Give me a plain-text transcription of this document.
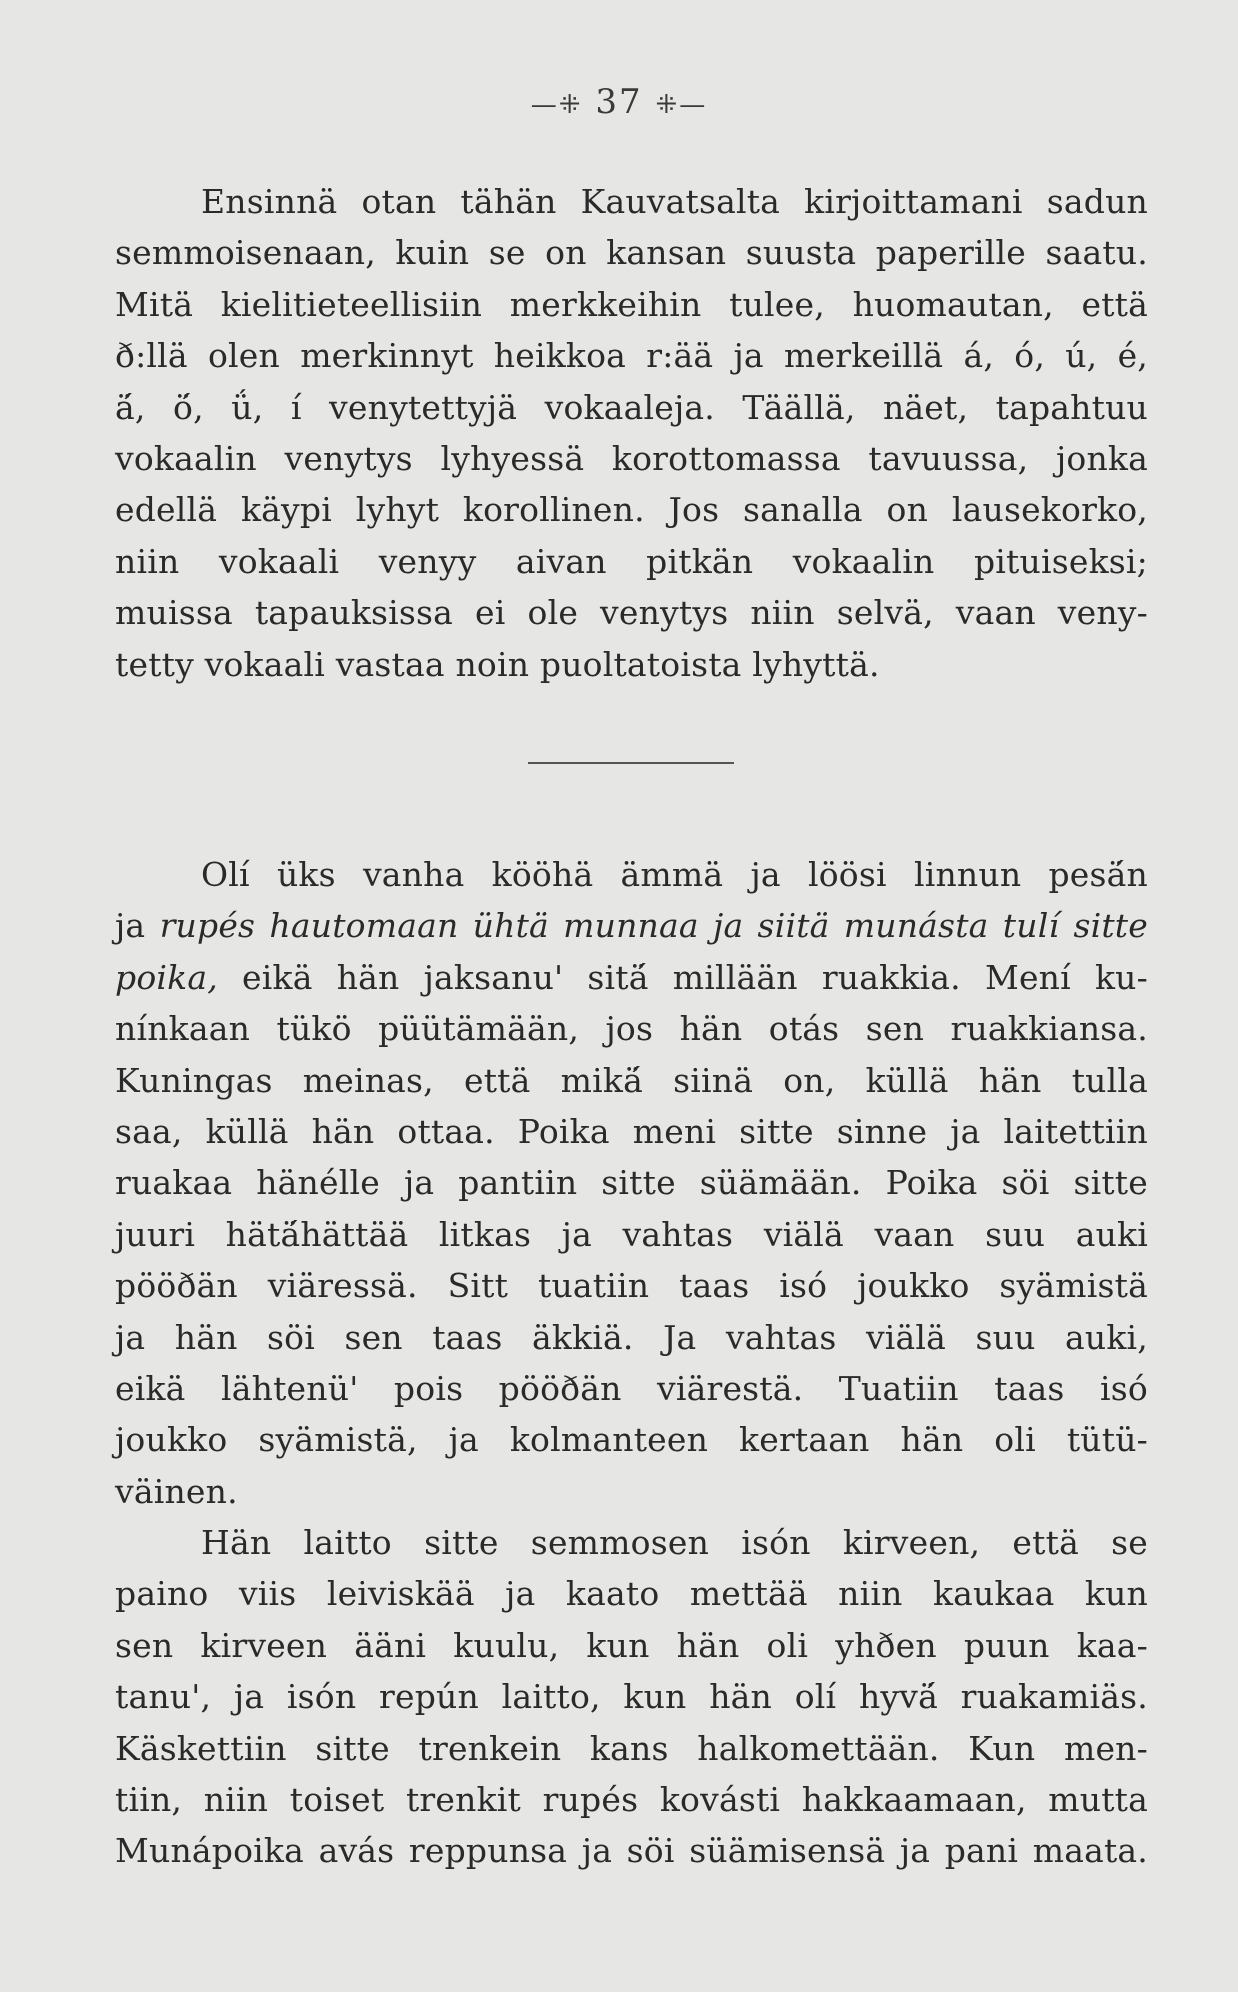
—⁜ 37 ⁜—
Ensinnä otan tähän Kauvatsalta kirjoittamani sadun
semmoisenaan, kuin se on kansan suusta paperille saatu.
Mitä kielitieteellisiin merkkeihin tulee, huomautan, että
ð:llä olen merkinnyt heikkoa r:ää ja merkeillä á, ó, ú, é,
ä́, ö́, ǘ, í venytettyjä vokaaleja. Täällä, näet, tapahtuu
vokaalin venytys lyhyessä korottomassa tavuussa, jonka
edellä käypi lyhyt korollinen. Jos sanalla on lausekorko,
niin vokaali venyy aivan pitkän vokaalin pituiseksi;
muissa tapauksissa ei ole venytys niin selvä, vaan veny-
tetty vokaali vastaa noin puoltatoista lyhyttä.
Olí üks vanha kööhä ämmä ja löösi linnun pesä́n
ja rupés hautomaan ühtä munnaa ja siitä munásta tulí sitte
poika, eikä hän jaksanu' sitä́ millään ruakkia. Mení ku-
nínkaan tükö püütämään, jos hän otás sen ruakkiansa.
Kuningas meinas, että mikä́ siinä on, küllä hän tulla
saa, küllä hän ottaa. Poika meni sitte sinne ja laitettiin
ruakaa hänélle ja pantiin sitte süämään. Poika söi sitte
juuri hätä́hättää litkas ja vahtas viälä vaan suu auki
pööðän viäressä. Sitt tuatiin taas isó joukko syämistä
ja hän söi sen taas äkkiä. Ja vahtas viälä suu auki,
eikä lähtenü' pois pööðän viärestä. Tuatiin taas isó
joukko syämistä, ja kolmanteen kertaan hän oli tütü-
väinen.
Hän laitto sitte semmosen isón kirveen, että se
paino viis leiviskää ja kaato mettää niin kaukaa kun
sen kirveen ääni kuulu, kun hän oli yhðen puun kaa-
tanu', ja isón repún laitto, kun hän olí hyvä́ ruakamiäs.
Käskettiin sitte trenkein kans halkomettään. Kun men-
tiin, niin toiset trenkit rupés kovásti hakkaamaan, mutta
Munápoika avás reppunsa ja söi süämisensä ja pani maata.
